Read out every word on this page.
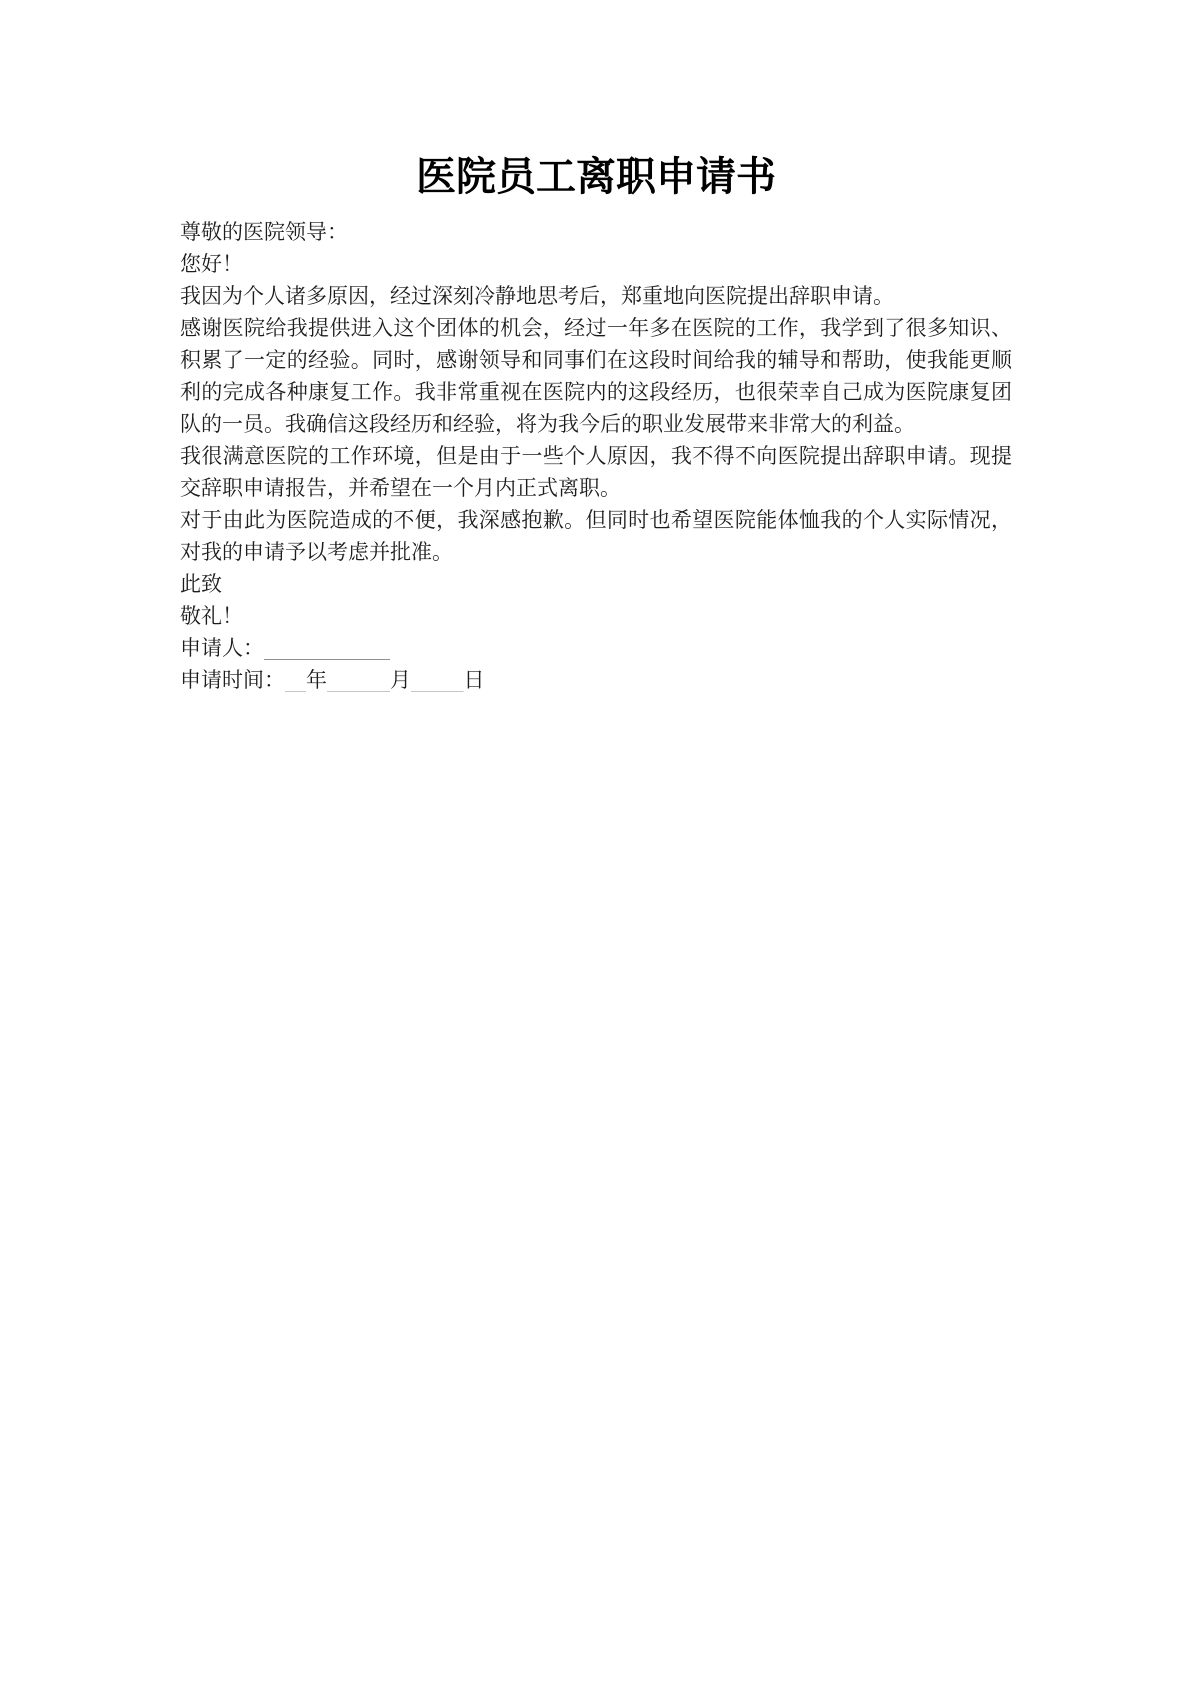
医院员工离职申请书

尊敬的医院领导：

您好！

我因为个人诸多原因，经过深刻冷静地思考后，郑重地向医院提出辞职申请。

感谢医院给我提供进入这个团体的机会，经过一年多在医院的工作，我学到了很多知识、积累了一定的经验。同时，感谢领导和同事们在这段时间给我的辅导和帮助，使我能更顺利的完成各种康复工作。我非常重视在医院内的这段经历，也很荣幸自己成为医院康复团队的一员。我确信这段经历和经验，将为我今后的职业发展带来非常大的利益。

我很满意医院的工作环境，但是由于一些个人原因，我不得不向医院提出辞职申请。现提交辞职申请报告，并希望在一个月内正式离职。

对于由此为医院造成的不便，我深感抱歉。但同时也希望医院能体恤我的个人实际情况，对我的申请予以考虑并批准。

此致

敬礼！

申请人：____________

申请时间：__年______月_____日
